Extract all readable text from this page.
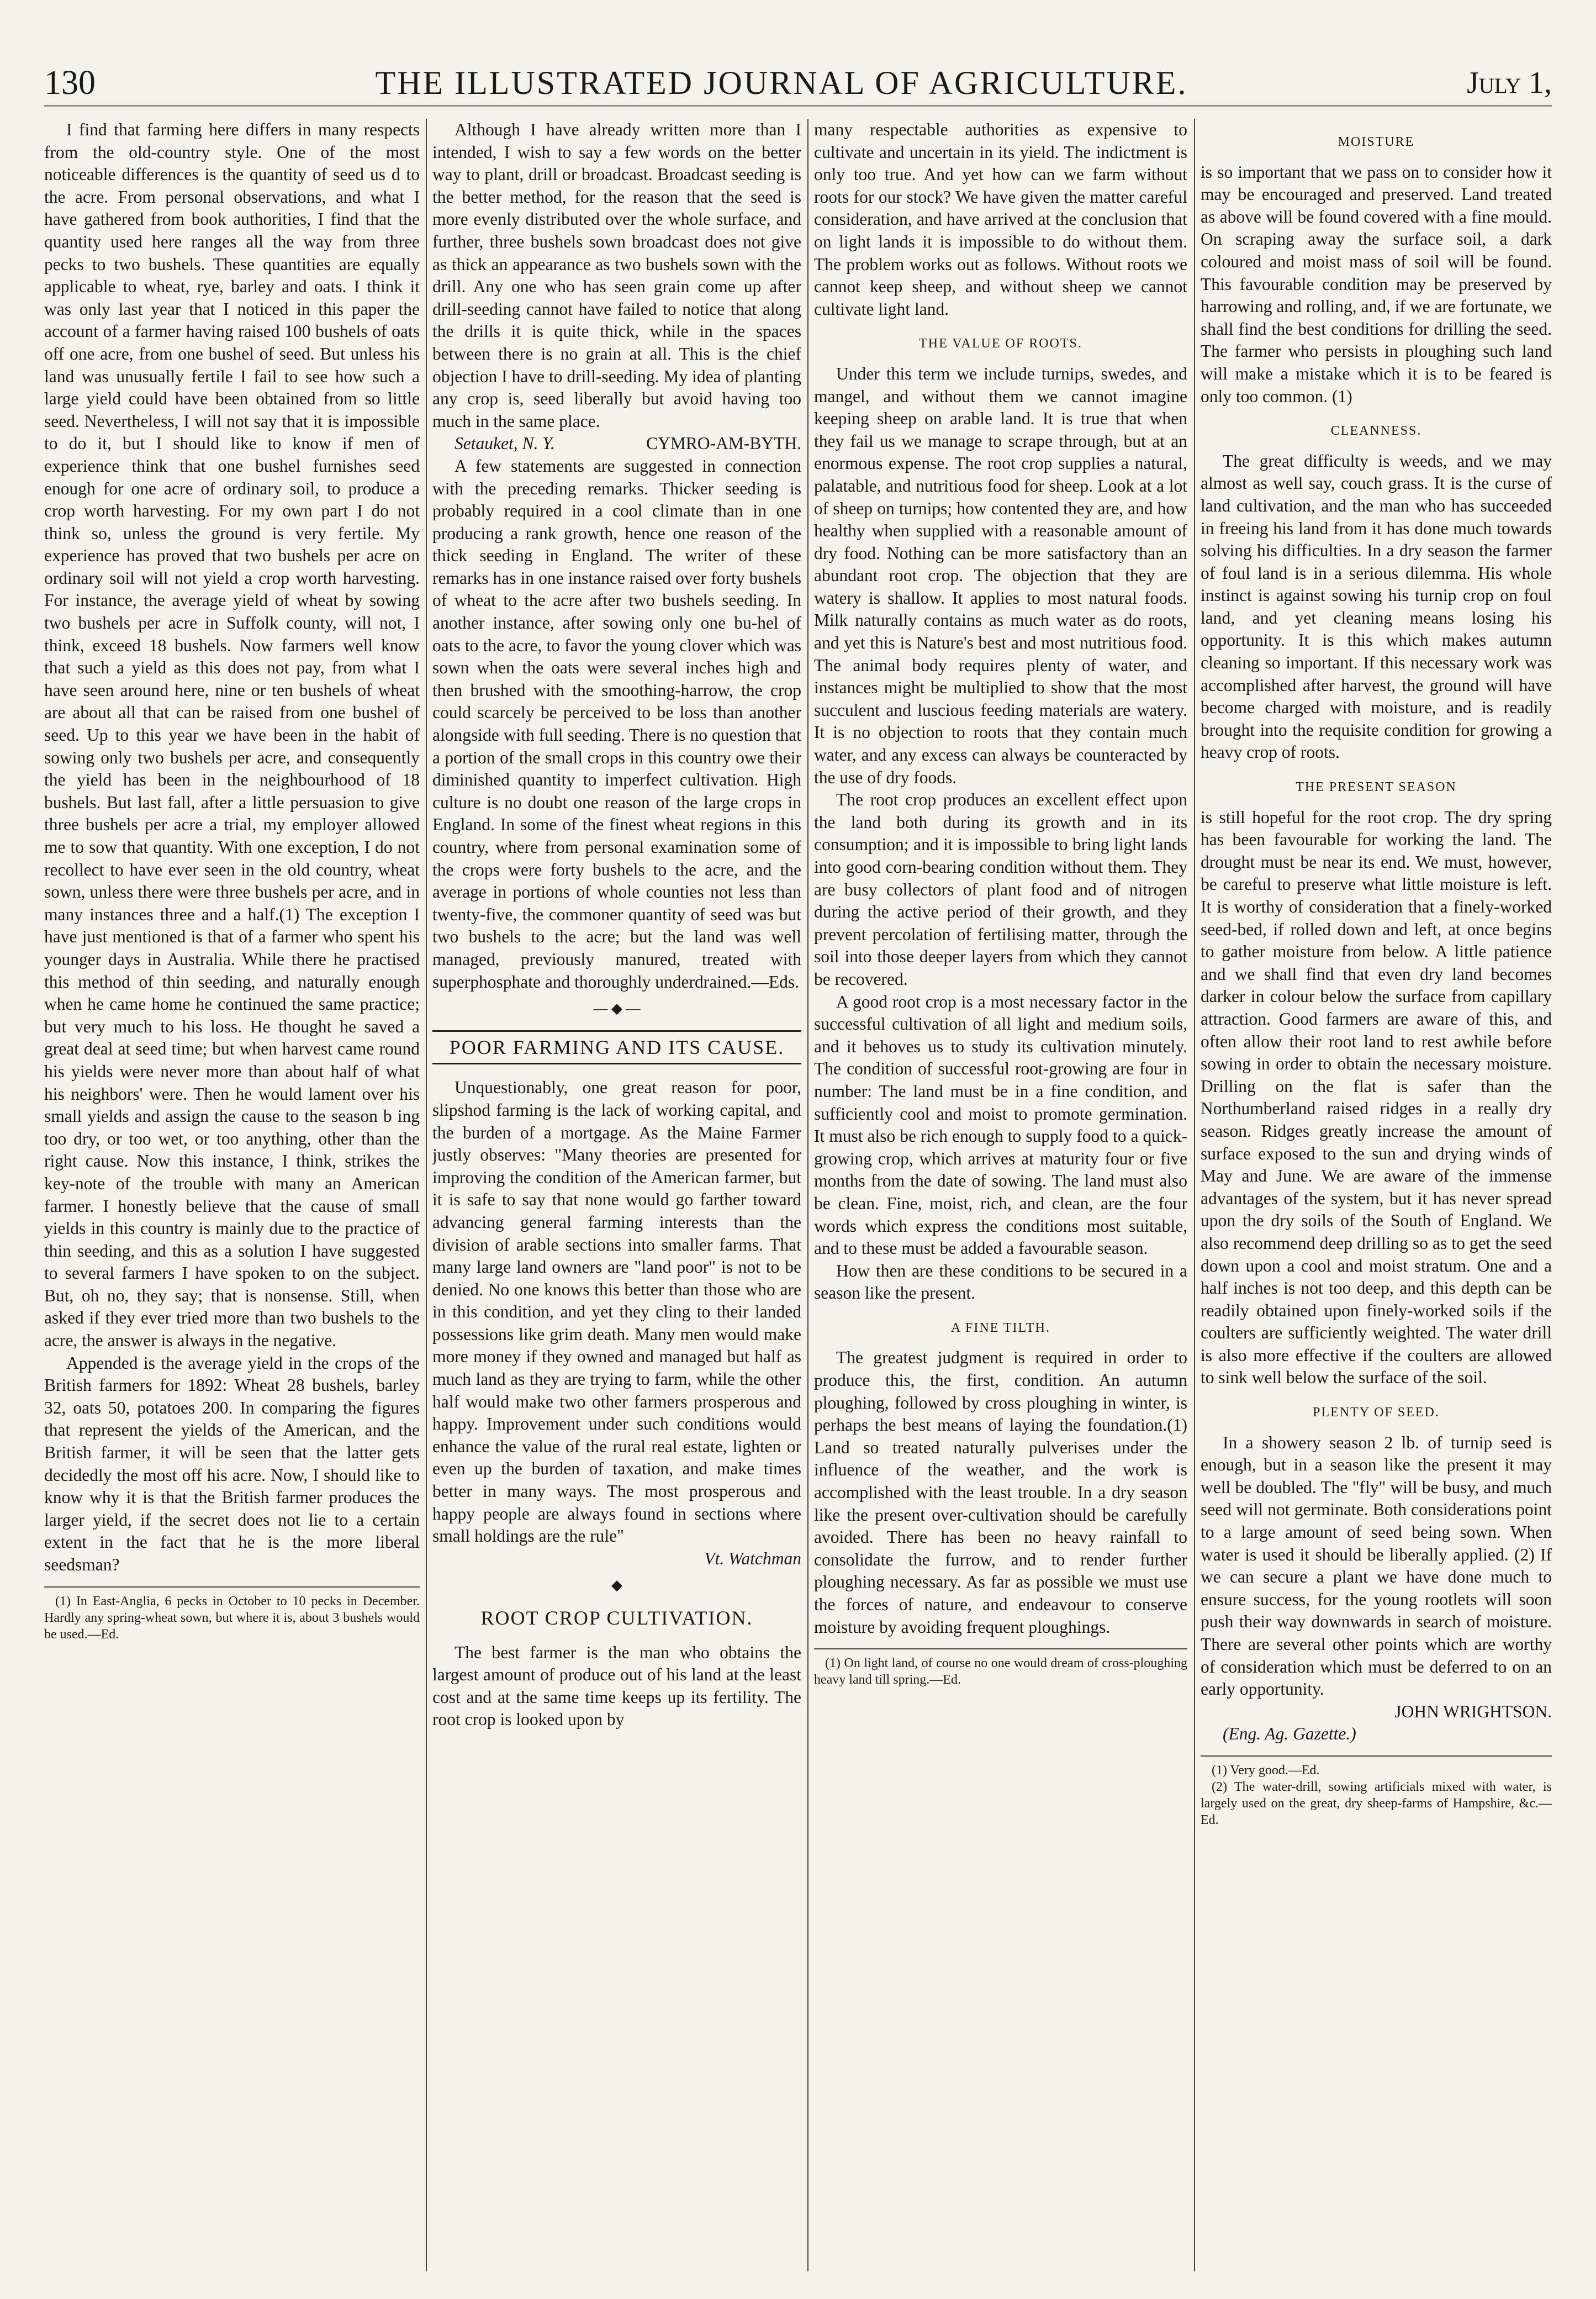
130	THE ILLUSTRATED JOURNAL OF AGRICULTURE.	July 1,

I find that farming here differs in many respects from the old-country style. One of the most noticeable differences is the quantity of seed us d to the acre. From personal observations, and what I have gathered from book authorities, I find that the quantity used here ranges all the way from three pecks to two bushels. These quantities are equally applicable to wheat, rye, barley and oats. I think it was only last year that I noticed in this paper the account of a farmer having raised 100 bushels of oats off one acre, from one bushel of seed. But unless his land was unusually fertile I fail to see how such a large yield could have been obtained from so little seed. Nevertheless, I will not say that it is impossible to do it, but I should like to know if men of experience think that one bushel furnishes seed enough for one acre of ordinary soil, to produce a crop worth harvesting. For my own part I do not think so, unless the ground is very fertile. My experience has proved that two bushels per acre on ordinary soil will not yield a crop worth harvesting. For instance, the average yield of wheat by sowing two bushels per acre in Suffolk county, will not, I think, exceed 18 bushels. Now farmers well know that such a yield as this does not pay, from what I have seen around here, nine or ten bushels of wheat are about all that can be raised from one bushel of seed. Up to this year we have been in the habit of sowing only two bushels per acre, and consequently the yield has been in the neighbourhood of 18 bushels. But last fall, after a little persuasion to give three bushels per acre a trial, my employer allowed me to sow that quantity. With one exception, I do not recollect to have ever seen in the old country, wheat sown, unless there were three bushels per acre, and in many instances three and a half.(1) The exception I have just mentioned is that of a farmer who spent his younger days in Australia. While there he practised this method of thin seeding, and naturally enough when he came home he continued the same practice; but very much to his loss. He thought he saved a great deal at seed time; but when harvest came round his yields were never more than about half of what his neighbors' were. Then he would lament over his small yields and assign the cause to the season b ing too dry, or too wet, or too anything, other than the right cause. Now this instance, I think, strikes the key-note of the trouble with many an American farmer. I honestly believe that the cause of small yields in this country is mainly due to the practice of thin seeding, and this as a solution I have suggested to several farmers I have spoken to on the subject. But, oh no, they say; that is nonsense. Still, when asked if they ever tried more than two bushels to the acre, the answer is always in the negative.

Appended is the average yield in the crops of the British farmers for 1892: Wheat 28 bushels, barley 32, oats 50, potatoes 200. In comparing the figures that represent the yields of the American, and the British farmer, it will be seen that the latter gets decidedly the most off his acre. Now, I should like to know why it is that the British farmer produces the larger yield, if the secret does not lie to a certain extent in the fact that he is the more liberal seedsman?

(1) In East-Anglia, 6 pecks in October to 10 pecks in December. Hardly any spring-wheat sown, but where it is, about 3 bushels would be used.—Ed.

Although I have already written more than I intended, I wish to say a few words on the better way to plant, drill or broadcast. Broadcast seeding is the better method, for the reason that the seed is more evenly distributed over the whole surface, and further, three bushels sown broadcast does not give as thick an appearance as two bushels sown with the drill. Any one who has seen grain come up after drill-seeding cannot have failed to notice that along the drills it is quite thick, while in the spaces between there is no grain at all. This is the chief objection I have to drill-seeding. My idea of planting any crop is, seed liberally but avoid having too much in the same place.

Setauket, N. Y.	CYMRO-AM-BYTH.

A few statements are suggested in connection with the preceding remarks. Thicker seeding is probably required in a cool climate than in one producing a rank growth, hence one reason of the thick seeding in England. The writer of these remarks has in one instance raised over forty bushels of wheat to the acre after two bushels seeding. In another instance, after sowing only one bu-hel of oats to the acre, to favor the young clover which was sown when the oats were several inches high and then brushed with the smoothing-harrow, the crop could scarcely be perceived to be loss than another alongside with full seeding. There is no question that a portion of the small crops in this country owe their diminished quantity to imperfect cultivation. High culture is no doubt one reason of the large crops in England. In some of the finest wheat regions in this country, where from personal examination some of the crops were forty bushels to the acre, and the average in portions of whole counties not less than twenty-five, the commoner quantity of seed was but two bushels to the acre; but the land was well managed, previously manured, treated with superphosphate and thoroughly underdrained.—Eds.

— ◆ —
POOR FARMING AND ITS CAUSE.

Unquestionably, one great reason for poor, slipshod farming is the lack of working capital, and the burden of a mortgage. As the Maine Farmer justly observes: "Many theories are presented for improving the condition of the American farmer, but it is safe to say that none would go farther toward advancing general farming interests than the division of arable sections into smaller farms. That many large land owners are "land poor" is not to be denied. No one knows this better than those who are in this condition, and yet they cling to their landed possessions like grim death. Many men would make more money if they owned and managed but half as much land as they are trying to farm, while the other half would make two other farmers prosperous and happy. Improvement under such conditions would enhance the value of the rural real estate, lighten or even up the burden of taxation, and make times better in many ways. The most prosperous and happy people are always found in sections where small holdings are the rule"

Vt. Watchman

◆
ROOT CROP CULTIVATION.

The best farmer is the man who obtains the largest amount of produce out of his land at the least cost and at the same time keeps up its fertility. The root crop is looked upon by

many respectable authorities as expensive to cultivate and uncertain in its yield. The indictment is only too true. And yet how can we farm without roots for our stock? We have given the matter careful consideration, and have arrived at the conclusion that on light lands it is impossible to do without them. The problem works out as follows. Without roots we cannot keep sheep, and without sheep we cannot cultivate light land.

THE VALUE OF ROOTS.

Under this term we include turnips, swedes, and mangel, and without them we cannot imagine keeping sheep on arable land. It is true that when they fail us we manage to scrape through, but at an enormous expense. The root crop supplies a natural, palatable, and nutritious food for sheep. Look at a lot of sheep on turnips; how contented they are, and how healthy when supplied with a reasonable amount of dry food. Nothing can be more satisfactory than an abundant root crop. The objection that they are watery is shallow. It applies to most natural foods. Milk naturally contains as much water as do roots, and yet this is Nature's best and most nutritious food. The animal body requires plenty of water, and instances might be multiplied to show that the most succulent and luscious feeding materials are watery. It is no objection to roots that they contain much water, and any excess can always be counteracted by the use of dry foods.

The root crop produces an excellent effect upon the land both during its growth and in its consumption; and it is impossible to bring light lands into good corn-bearing condition without them. They are busy collectors of plant food and of nitrogen during the active period of their growth, and they prevent percolation of fertilising matter, through the soil into those deeper layers from which they cannot be recovered.

A good root crop is a most necessary factor in the successful cultivation of all light and medium soils, and it behoves us to study its cultivation minutely. The condition of successful root-growing are four in number: The land must be in a fine condition, and sufficiently cool and moist to promote germination. It must also be rich enough to supply food to a quick-growing crop, which arrives at maturity four or five months from the date of sowing. The land must also be clean. Fine, moist, rich, and clean, are the four words which express the conditions most suitable, and to these must be added a favourable season.

How then are these conditions to be secured in a season like the present.

A FINE TILTH.

The greatest judgment is required in order to produce this, the first, condition. An autumn ploughing, followed by cross ploughing in winter, is perhaps the best means of laying the foundation.(1) Land so treated naturally pulverises under the influence of the weather, and the work is accomplished with the least trouble. In a dry season like the present over-cultivation should be carefully avoided. There has been no heavy rainfall to consolidate the furrow, and to render further ploughing necessary. As far as possible we must use the forces of nature, and endeavour to conserve moisture by avoiding frequent ploughings.

(1) On light land, of course no one would dream of cross-ploughing heavy land till spring.—Ed.

MOISTURE

is so important that we pass on to consider how it may be encouraged and preserved. Land treated as above will be found covered with a fine mould. On scraping away the surface soil, a dark coloured and moist mass of soil will be found. This favourable condition may be preserved by harrowing and rolling, and, if we are fortunate, we shall find the best conditions for drilling the seed. The farmer who persists in ploughing such land will make a mistake which it is to be feared is only too common. (1)

CLEANNESS.

The great difficulty is weeds, and we may almost as well say, couch grass. It is the curse of land cultivation, and the man who has succeeded in freeing his land from it has done much towards solving his difficulties. In a dry season the farmer of foul land is in a serious dilemma. His whole instinct is against sowing his turnip crop on foul land, and yet cleaning means losing his opportunity. It is this which makes autumn cleaning so important. If this necessary work was accomplished after harvest, the ground will have become charged with moisture, and is readily brought into the requisite condition for growing a heavy crop of roots.

THE PRESENT SEASON

is still hopeful for the root crop. The dry spring has been favourable for working the land. The drought must be near its end. We must, however, be careful to preserve what little moisture is left. It is worthy of consideration that a finely-worked seed-bed, if rolled down and left, at once begins to gather moisture from below. A little patience and we shall find that even dry land becomes darker in colour below the surface from capillary attraction. Good farmers are aware of this, and often allow their root land to rest awhile before sowing in order to obtain the necessary moisture. Drilling on the flat is safer than the Northumberland raised ridges in a really dry season. Ridges greatly increase the amount of surface exposed to the sun and drying winds of May and June. We are aware of the immense advantages of the system, but it has never spread upon the dry soils of the South of England. We also recommend deep drilling so as to get the seed down upon a cool and moist stratum. One and a half inches is not too deep, and this depth can be readily obtained upon finely-worked soils if the coulters are sufficiently weighted. The water drill is also more effective if the coulters are allowed to sink well below the surface of the soil.

PLENTY OF SEED.

In a showery season 2 lb. of turnip seed is enough, but in a season like the present it may well be doubled. The "fly" will be busy, and much seed will not germinate. Both considerations point to a large amount of seed being sown. When water is used it should be liberally applied. (2) If we can secure a plant we have done much to ensure success, for the young rootlets will soon push their way downwards in search of moisture. There are several other points which are worthy of consideration which must be deferred to on an early opportunity.

JOHN WRIGHTSON.

(Eng. Ag. Gazette.)

(1) Very good.—Ed.

(2) The water-drill, sowing artificials mixed with water, is largely used on the great, dry sheep-farms of Hampshire, &c.—Ed.
